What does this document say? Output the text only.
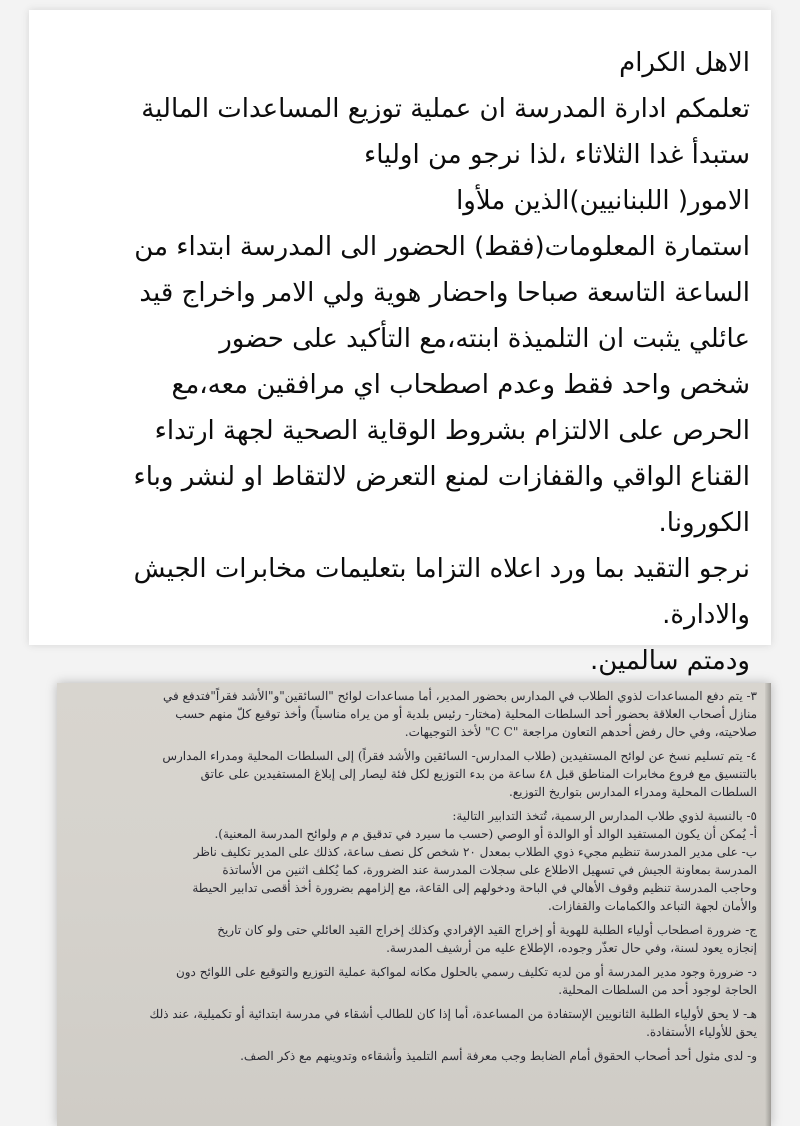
الاهل الكرام
تعلمكم ادارة المدرسة ان عملية توزيع المساعدات المالية
ستبدأ غدا الثلاثاء ،لذا نرجو من اولياء
الامور( اللبنانيين)الذين ملأوا
استمارة المعلومات(فقط) الحضور الى المدرسة ابتداء من
الساعة التاسعة صباحا واحضار هوية ولي الامر واخراج قيد
عائلي يثبت ان التلميذة ابنته،مع التأكيد على حضور
شخص واحد فقط وعدم اصطحاب اي مرافقين معه،مع
الحرص على الالتزام بشروط الوقاية الصحية لجهة ارتداء
القناع الواقي والقفازات لمنع التعرض لالتقاط او لنشر وباء
الكورونا.
نرجو التقيد بما ورد اعلاه التزاما بتعليمات مخابرات الجيش
والادارة.
ودمتم سالمين.
٣- يتم دفع المساعدات لذوي الطلاب في المدارس بحضور المدير، أما مساعدات لوائح "السائقين"و"الأشد فقراً"فتدفع في
منازل أصحاب العلاقة بحضور أحد السلطات المحلية (مختار- رئيس بلدية أو من يراه مناسباً) وأخذ توقيع كلّ منهم حسب
صلاحيته، وفي حال رفض أحدهم التعاون مراجعة "C C" لأخذ التوجيهات.
٤- يتم تسليم نسخ عن لوائح المستفيدين (طلاب المدارس- السائقين والأشد فقراً) إلى السلطات المحلية ومدراء المدارس
بالتنسيق مع فروع مخابرات المناطق قبل ٤٨ ساعة من بدء التوزيع لكل فئة ليصار إلى إبلاغ المستفيدين على عاتق
السلطات المحلية ومدراء المدارس بتواريخ التوزيع.
٥- بالنسبة لذوي طلاب المدارس الرسمية، تُتخذ التدابير التالية:
أ- يُمكن أن يكون المستفيد الوالد أو الوالدة أو الوصي (حسب ما سيرد في تدقيق م م ولوائح المدرسة المعنية).
ب- على مدير المدرسة تنظيم مجيء ذوي الطلاب بمعدل ٢٠ شخص كل نصف ساعة، كذلك على المدير تكليف ناظر
المدرسة بمعاونة الجيش في تسهيل الاطلاع على سجلات المدرسة عند الضرورة، كما يُكلف اثنين من الأساتذة
وحاجب المدرسة تنظيم وقوف الأهالي في الباحة ودخولهم إلى القاعة، مع إلزامهم بضرورة أخذ أقصى تدابير الحيطة
والأمان لجهة التباعد والكمامات والقفازات.
ج- ضرورة اصطحاب أولياء الطلبة للهوية أو إخراج القيد الإفرادي وكذلك إخراج القيد العائلي حتى ولو كان تاريخ
إنجازه يعود لسنة، وفي حال تعذّر وجوده، الإطلاع عليه من أرشيف المدرسة.
د- ضرورة وجود مدير المدرسة أو من لديه تكليف رسمي بالحلول مكانه لمواكبة عملية التوزيع والتوقيع على اللوائح دون
الحاجة لوجود أحد من السلطات المحلية.
هـ- لا يحق لأولياء الطلبة الثانويين الإستفادة من المساعدة، أما إذا كان للطالب أشقاء في مدرسة ابتدائية أو تكميلية، عند ذلك
يحق للأولياء الأستفادة.
و- لدى مثول أحد أصحاب الحقوق أمام الضابط وجب معرفة أسم التلميذ وأشقاءه وتدوينهم مع ذكر الصف.
